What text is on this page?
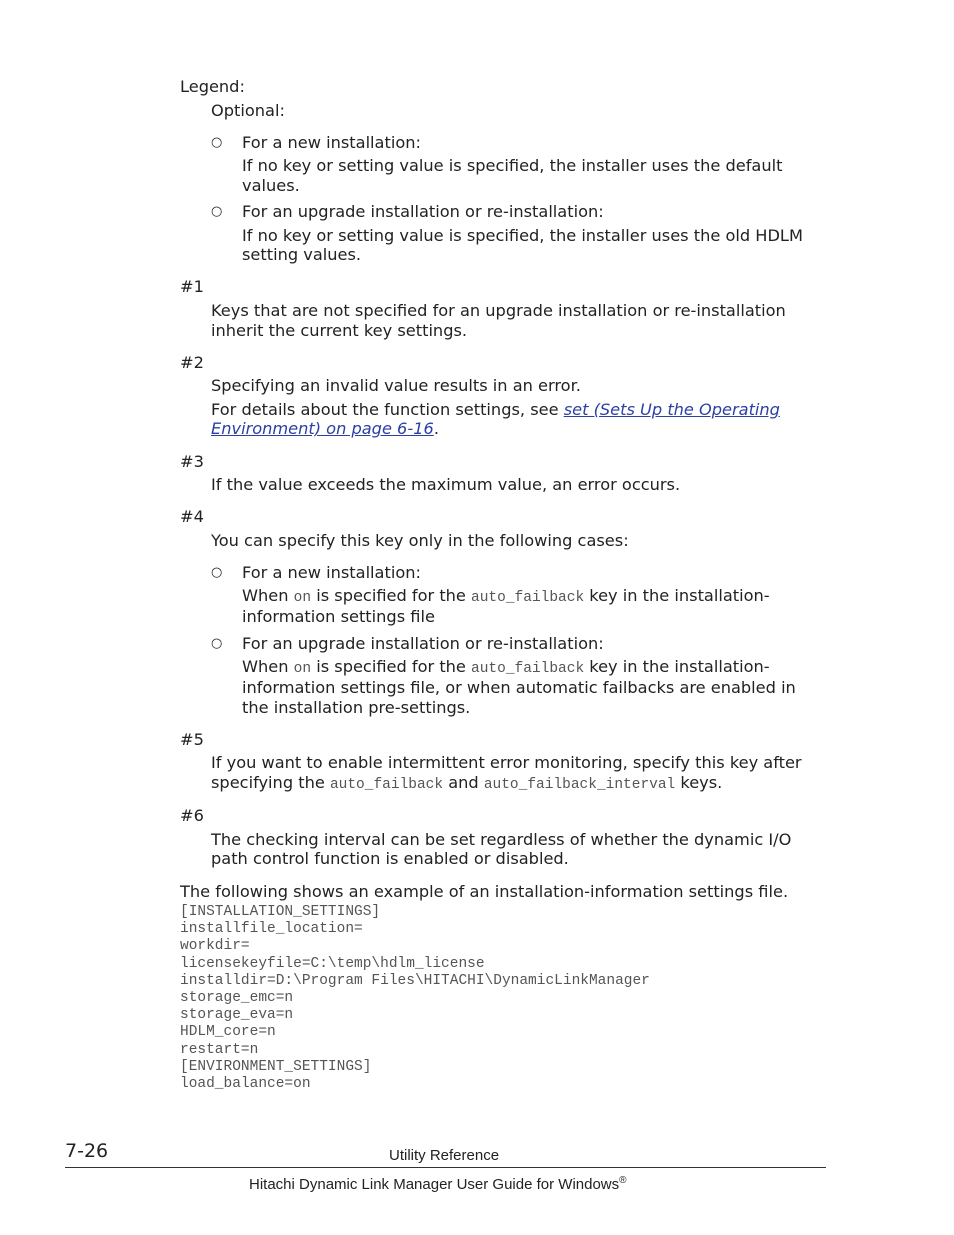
Legend:

Optional:

○ For a new installation:

If no key or setting value is specified, the installer uses the default

values.

○ For an upgrade installation or re-installation:

If no key or setting value is specified, the installer uses the old HDLM

setting values.

#1

Keys that are not specified for an upgrade installation or re-installation

inherit the current key settings.

#2

Specifying an invalid value results in an error.

For details about the function settings, see set (Sets Up the Operating

Environment) on page 6-16.

#3

If the value exceeds the maximum value, an error occurs.

#4

You can specify this key only in the following cases:

○ For a new installation:

When on is specified for the auto_failback key in the installation-

information settings file

○ For an upgrade installation or re-installation:

When on is specified for the auto_failback key in the installation-

information settings file, or when automatic failbacks are enabled in

the installation pre-settings.

#5

If you want to enable intermittent error monitoring, specify this key after

specifying the auto_failback and auto_failback_interval keys.

#6

The checking interval can be set regardless of whether the dynamic I/O

path control function is enabled or disabled.

The following shows an example of an installation-information settings file.

[INSTALLATION_SETTINGS]
installfile_location=
workdir=
licensekeyfile=C:\temp\hdlm_license
installdir=D:\Program Files\HITACHI\DynamicLinkManager
storage_emc=n
storage_eva=n
HDLM_core=n
restart=n
[ENVIRONMENT_SETTINGS]
load_balance=on
7-26	Utility Reference
Hitachi Dynamic Link Manager User Guide for Windows®
